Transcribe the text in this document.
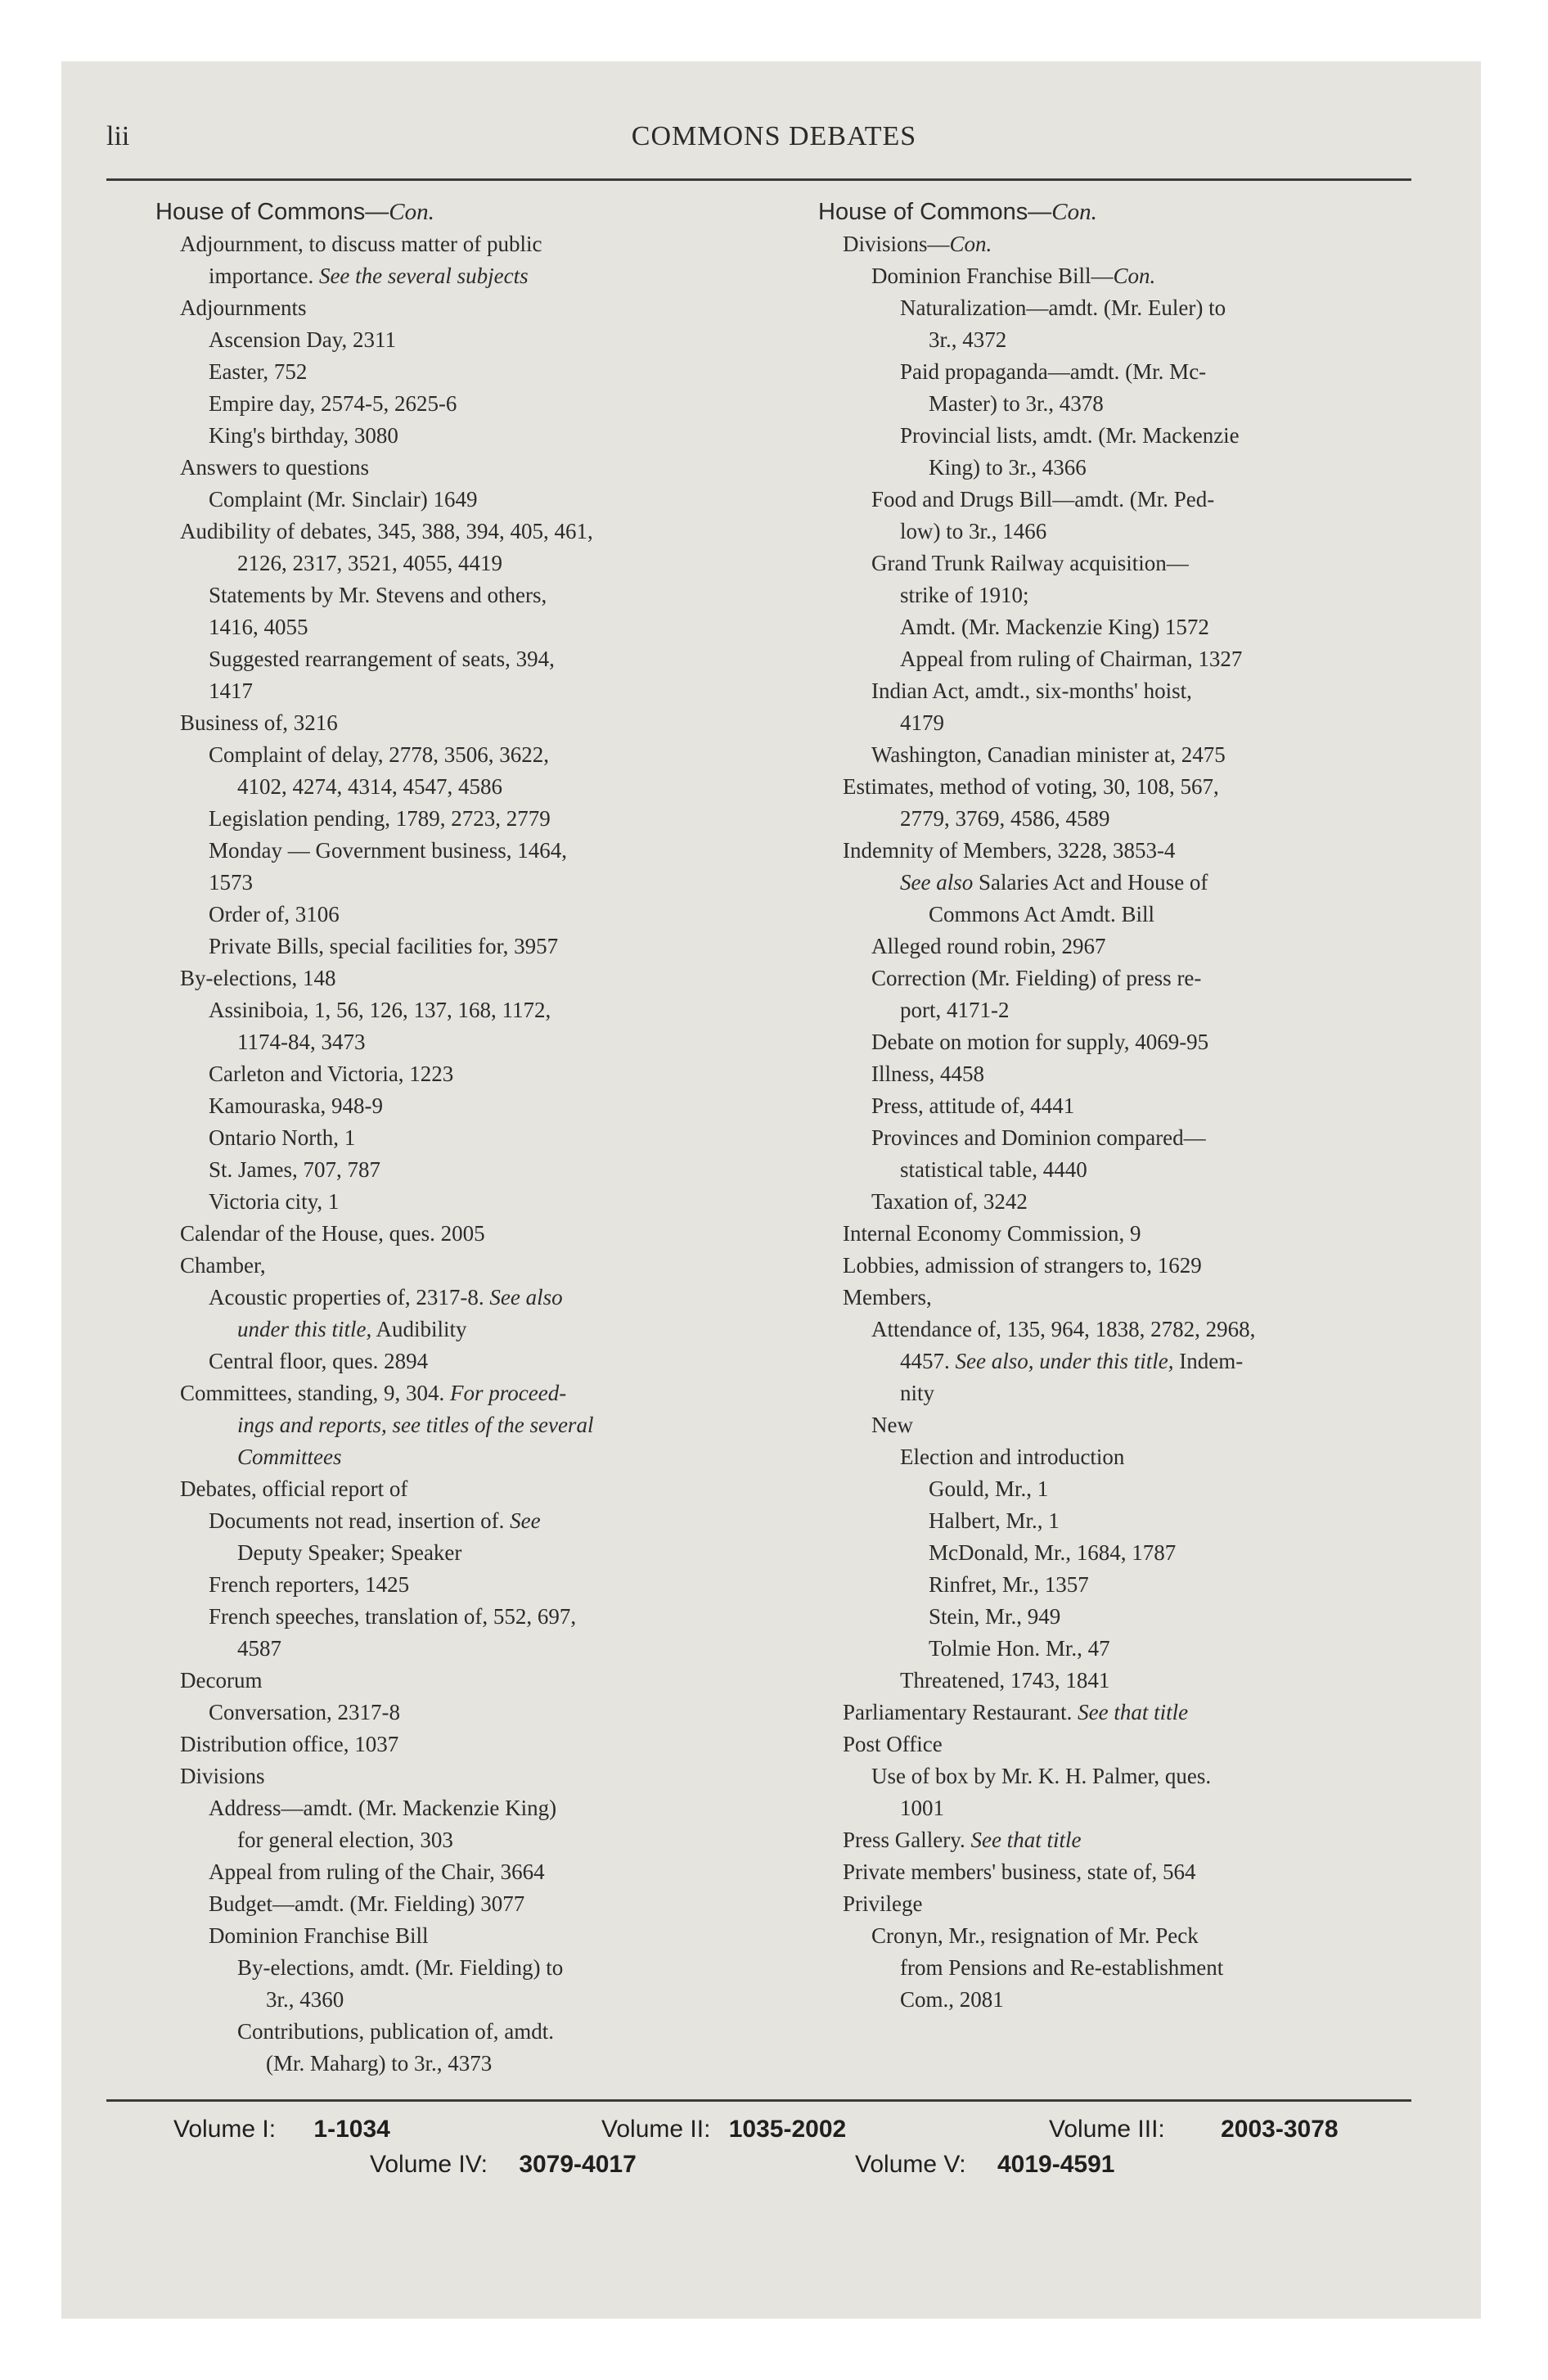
lii	COMMONS DEBATES
House of Commons—Con.
Adjournment, to discuss matter of public
importance. See the several subjects
Adjournments
Ascension Day, 2311
Easter, 752
Empire day, 2574-5, 2625-6
King's birthday, 3080
Answers to questions
Complaint (Mr. Sinclair) 1649
Audibility of debates, 345, 388, 394, 405, 461,
2126, 2317, 3521, 4055, 4419
Statements by Mr. Stevens and others,
1416, 4055
Suggested rearrangement of seats, 394,
1417
Business of, 3216
Complaint of delay, 2778, 3506, 3622,
4102, 4274, 4314, 4547, 4586
Legislation pending, 1789, 2723, 2779
Monday — Government business, 1464,
1573
Order of, 3106
Private Bills, special facilities for, 3957
By-elections, 148
Assiniboia, 1, 56, 126, 137, 168, 1172,
1174-84, 3473
Carleton and Victoria, 1223
Kamouraska, 948-9
Ontario North, 1
St. James, 707, 787
Victoria city, 1
Calendar of the House, ques. 2005
Chamber,
Acoustic properties of, 2317-8. See also
under this title, Audibility
Central floor, ques. 2894
Committees, standing, 9, 304. For proceed-
ings and reports, see titles of the several
Committees
Debates, official report of
Documents not read, insertion of. See
Deputy Speaker; Speaker
French reporters, 1425
French speeches, translation of, 552, 697,
4587
Decorum
Conversation, 2317-8
Distribution office, 1037
Divisions
Address—amdt. (Mr. Mackenzie King)
for general election, 303
Appeal from ruling of the Chair, 3664
Budget—amdt. (Mr. Fielding) 3077
Dominion Franchise Bill
By-elections, amdt. (Mr. Fielding) to
3r., 4360
Contributions, publication of, amdt.
(Mr. Maharg) to 3r., 4373
House of Commons—Con.
Divisions—Con.
Dominion Franchise Bill—Con.
Naturalization—amdt. (Mr. Euler) to
3r., 4372
Paid propaganda—amdt. (Mr. Mc-
Master) to 3r., 4378
Provincial lists, amdt. (Mr. Mackenzie
King) to 3r., 4366
Food and Drugs Bill—amdt. (Mr. Ped-
low) to 3r., 1466
Grand Trunk Railway acquisition—
strike of 1910;
Amdt. (Mr. Mackenzie King) 1572
Appeal from ruling of Chairman, 1327
Indian Act, amdt., six-months' hoist,
4179
Washington, Canadian minister at, 2475
Estimates, method of voting, 30, 108, 567,
2779, 3769, 4586, 4589
Indemnity of Members, 3228, 3853-4
See also Salaries Act and House of
Commons Act Amdt. Bill
Alleged round robin, 2967
Correction (Mr. Fielding) of press re-
port, 4171-2
Debate on motion for supply, 4069-95
Illness, 4458
Press, attitude of, 4441
Provinces and Dominion compared—
statistical table, 4440
Taxation of, 3242
Internal Economy Commission, 9
Lobbies, admission of strangers to, 1629
Members,
Attendance of, 135, 964, 1838, 2782, 2968,
4457. See also, under this title, Indem-
nity
New
Election and introduction
Gould, Mr., 1
Halbert, Mr., 1
McDonald, Mr., 1684, 1787
Rinfret, Mr., 1357
Stein, Mr., 949
Tolmie Hon. Mr., 47
Threatened, 1743, 1841
Parliamentary Restaurant. See that title
Post Office
Use of box by Mr. K. H. Palmer, ques.
1001
Press Gallery. See that title
Private members' business, state of, 564
Privilege
Cronyn, Mr., resignation of Mr. Peck
from Pensions and Re-establishment
Com., 2081
Volume I: 1-1034	Volume II: 1035-2002	Volume III: 2003-3078
Volume IV: 3079-4017	Volume V: 4019-4591
